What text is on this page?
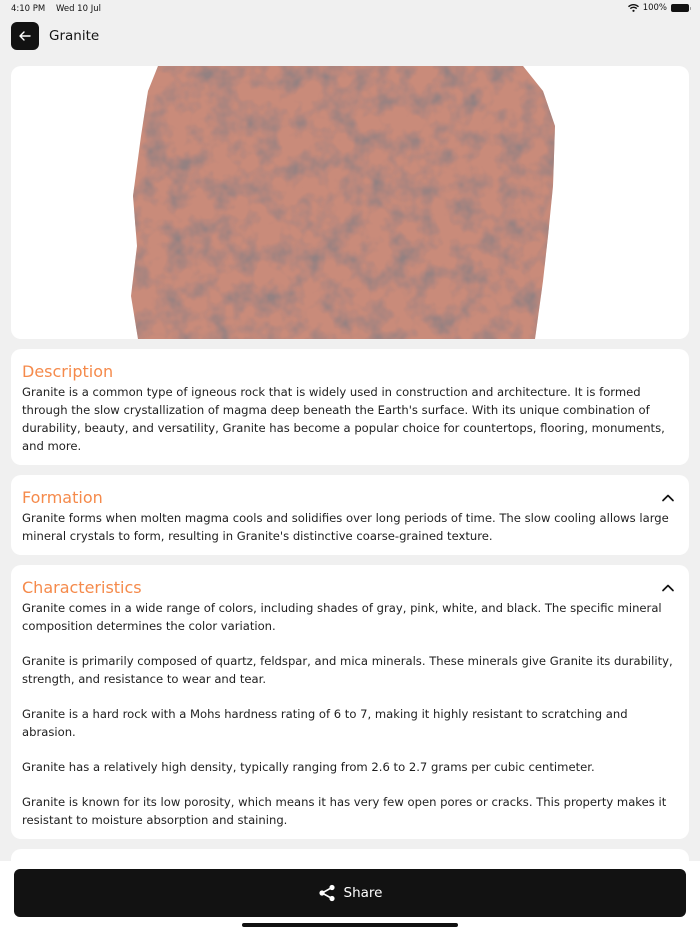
4:10 PM Wed 10 Jul	100%
Granite
Description

Granite is a common type of igneous rock that is widely used in construction and architecture. It is formed through the slow crystallization of magma deep beneath the Earth's surface. With its unique combination of durability, beauty, and versatility, Granite has become a popular choice for countertops, flooring, monuments, and more.

Formation

Granite forms when molten magma cools and solidifies over long periods of time. The slow cooling allows large mineral crystals to form, resulting in Granite's distinctive coarse-grained texture.

Characteristics

Granite comes in a wide range of colors, including shades of gray, pink, white, and black. The specific mineral composition determines the color variation.

Granite is primarily composed of quartz, feldspar, and mica minerals. These minerals give Granite its durability, strength, and resistance to wear and tear.

Granite is a hard rock with a Mohs hardness rating of 6 to 7, making it highly resistant to scratching and abrasion.

Granite has a relatively high density, typically ranging from 2.6 to 2.7 grams per cubic centimeter.

Granite is known for its low porosity, which means it has very few open pores or cracks. This property makes it resistant to moisture absorption and staining.

Share
